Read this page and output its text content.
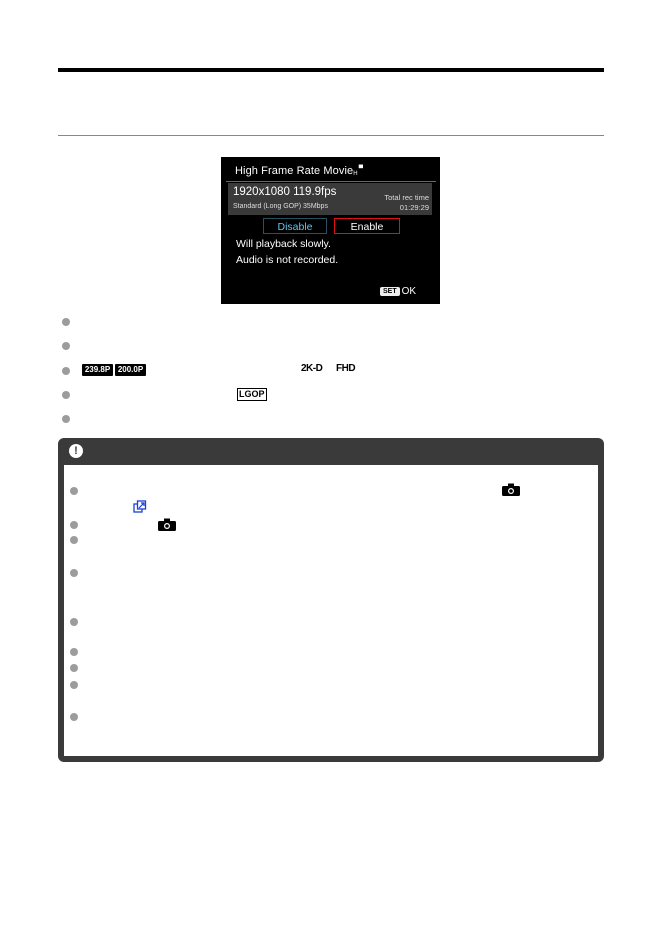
High Frame Rate Movie$_H$▀
1920x1080 119.9fps
Standard (Long GOP) 35Mbps
Total rec time
01:29:29
Disable	Enable
Will playback slowly.
Audio is not recorded.
SET OK
239.8P 200.0P	2K-D FHD
LGOP
!
